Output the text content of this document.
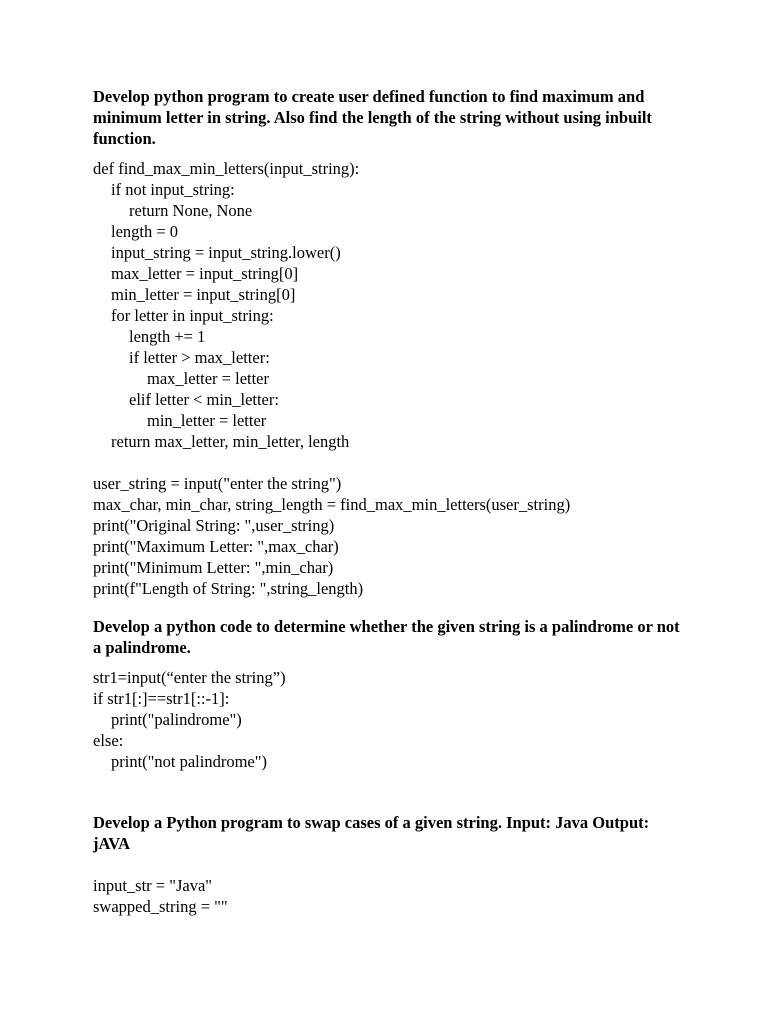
Develop python program to create user defined function to find maximum and minimum letter in string. Also find the length of the string without using inbuilt function.
def find_max_min_letters(input_string):
if not input_string:
return None, None
length = 0
input_string = input_string.lower()
max_letter = input_string[0]
min_letter = input_string[0]
for letter in input_string:
length += 1
if letter > max_letter:
max_letter = letter
elif letter < min_letter:
min_letter = letter
return max_letter, min_letter, length
user_string = input("enter the string")
max_char, min_char, string_length = find_max_min_letters(user_string)
print("Original String: ",user_string)
print("Maximum Letter: ",max_char)
print("Minimum Letter: ",min_char)
print(f"Length of String: ",string_length)
Develop a python code to determine whether the given string is a palindrome or not a palindrome.
str1=input(“enter the string”)
if str1[:]==str1[::-1]:
print("palindrome")
else:
print("not palindrome")
Develop a Python program to swap cases of a given string. Input: Java Output: jAVA
input_str = "Java"
swapped_string = ""
